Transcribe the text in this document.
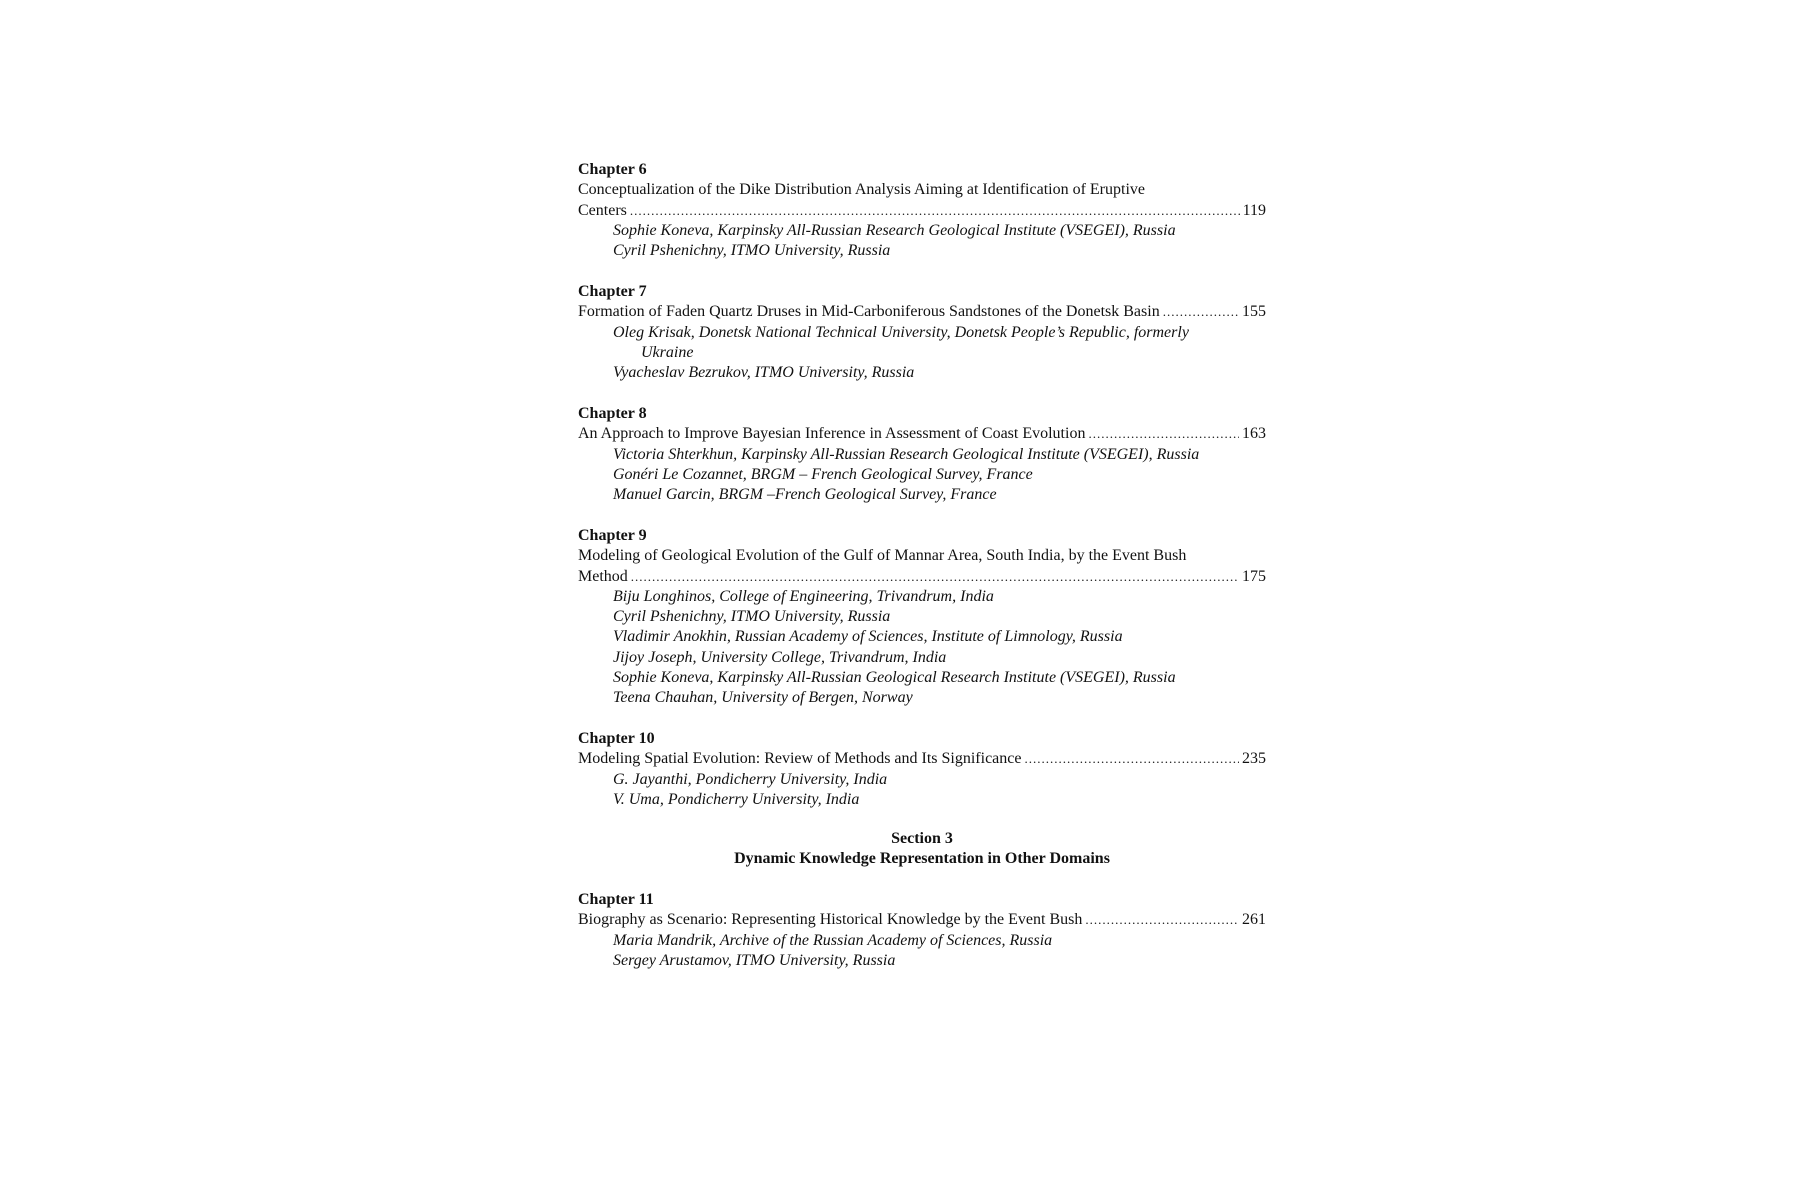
Chapter 6
Conceptualization of the Dike Distribution Analysis Aiming at Identification of Eruptive
Centers .....	119
Sophie Koneva, Karpinsky All-Russian Research Geological Institute (VSEGEI), Russia
Cyril Pshenichny, ITMO University, Russia
Chapter 7
Formation of Faden Quartz Druses in Mid-Carboniferous Sandstones of the Donetsk Basin .....	155
Oleg Krisak, Donetsk National Technical University, Donetsk People’s Republic, formerly
Ukraine
Vyacheslav Bezrukov, ITMO University, Russia
Chapter 8
An Approach to Improve Bayesian Inference in Assessment of Coast Evolution .....	163
Victoria Shterkhun, Karpinsky All-Russian Research Geological Institute (VSEGEI), Russia
Gonéri Le Cozannet, BRGM – French Geological Survey, France
Manuel Garcin, BRGM –French Geological Survey, France
Chapter 9
Modeling of Geological Evolution of the Gulf of Mannar Area, South India, by the Event Bush
Method .....	175
Biju Longhinos, College of Engineering, Trivandrum, India
Cyril Pshenichny, ITMO University, Russia
Vladimir Anokhin, Russian Academy of Sciences, Institute of Limnology, Russia
Jijoy Joseph, University College, Trivandrum, India
Sophie Koneva, Karpinsky All-Russian Geological Research Institute (VSEGEI), Russia
Teena Chauhan, University of Bergen, Norway
Chapter 10
Modeling Spatial Evolution: Review of Methods and Its Significance .....	235
G. Jayanthi, Pondicherry University, India
V. Uma, Pondicherry University, India
Section 3
Dynamic Knowledge Representation in Other Domains
Chapter 11
Biography as Scenario: Representing Historical Knowledge by the Event Bush .....	261
Maria Mandrik, Archive of the Russian Academy of Sciences, Russia
Sergey Arustamov, ITMO University, Russia
